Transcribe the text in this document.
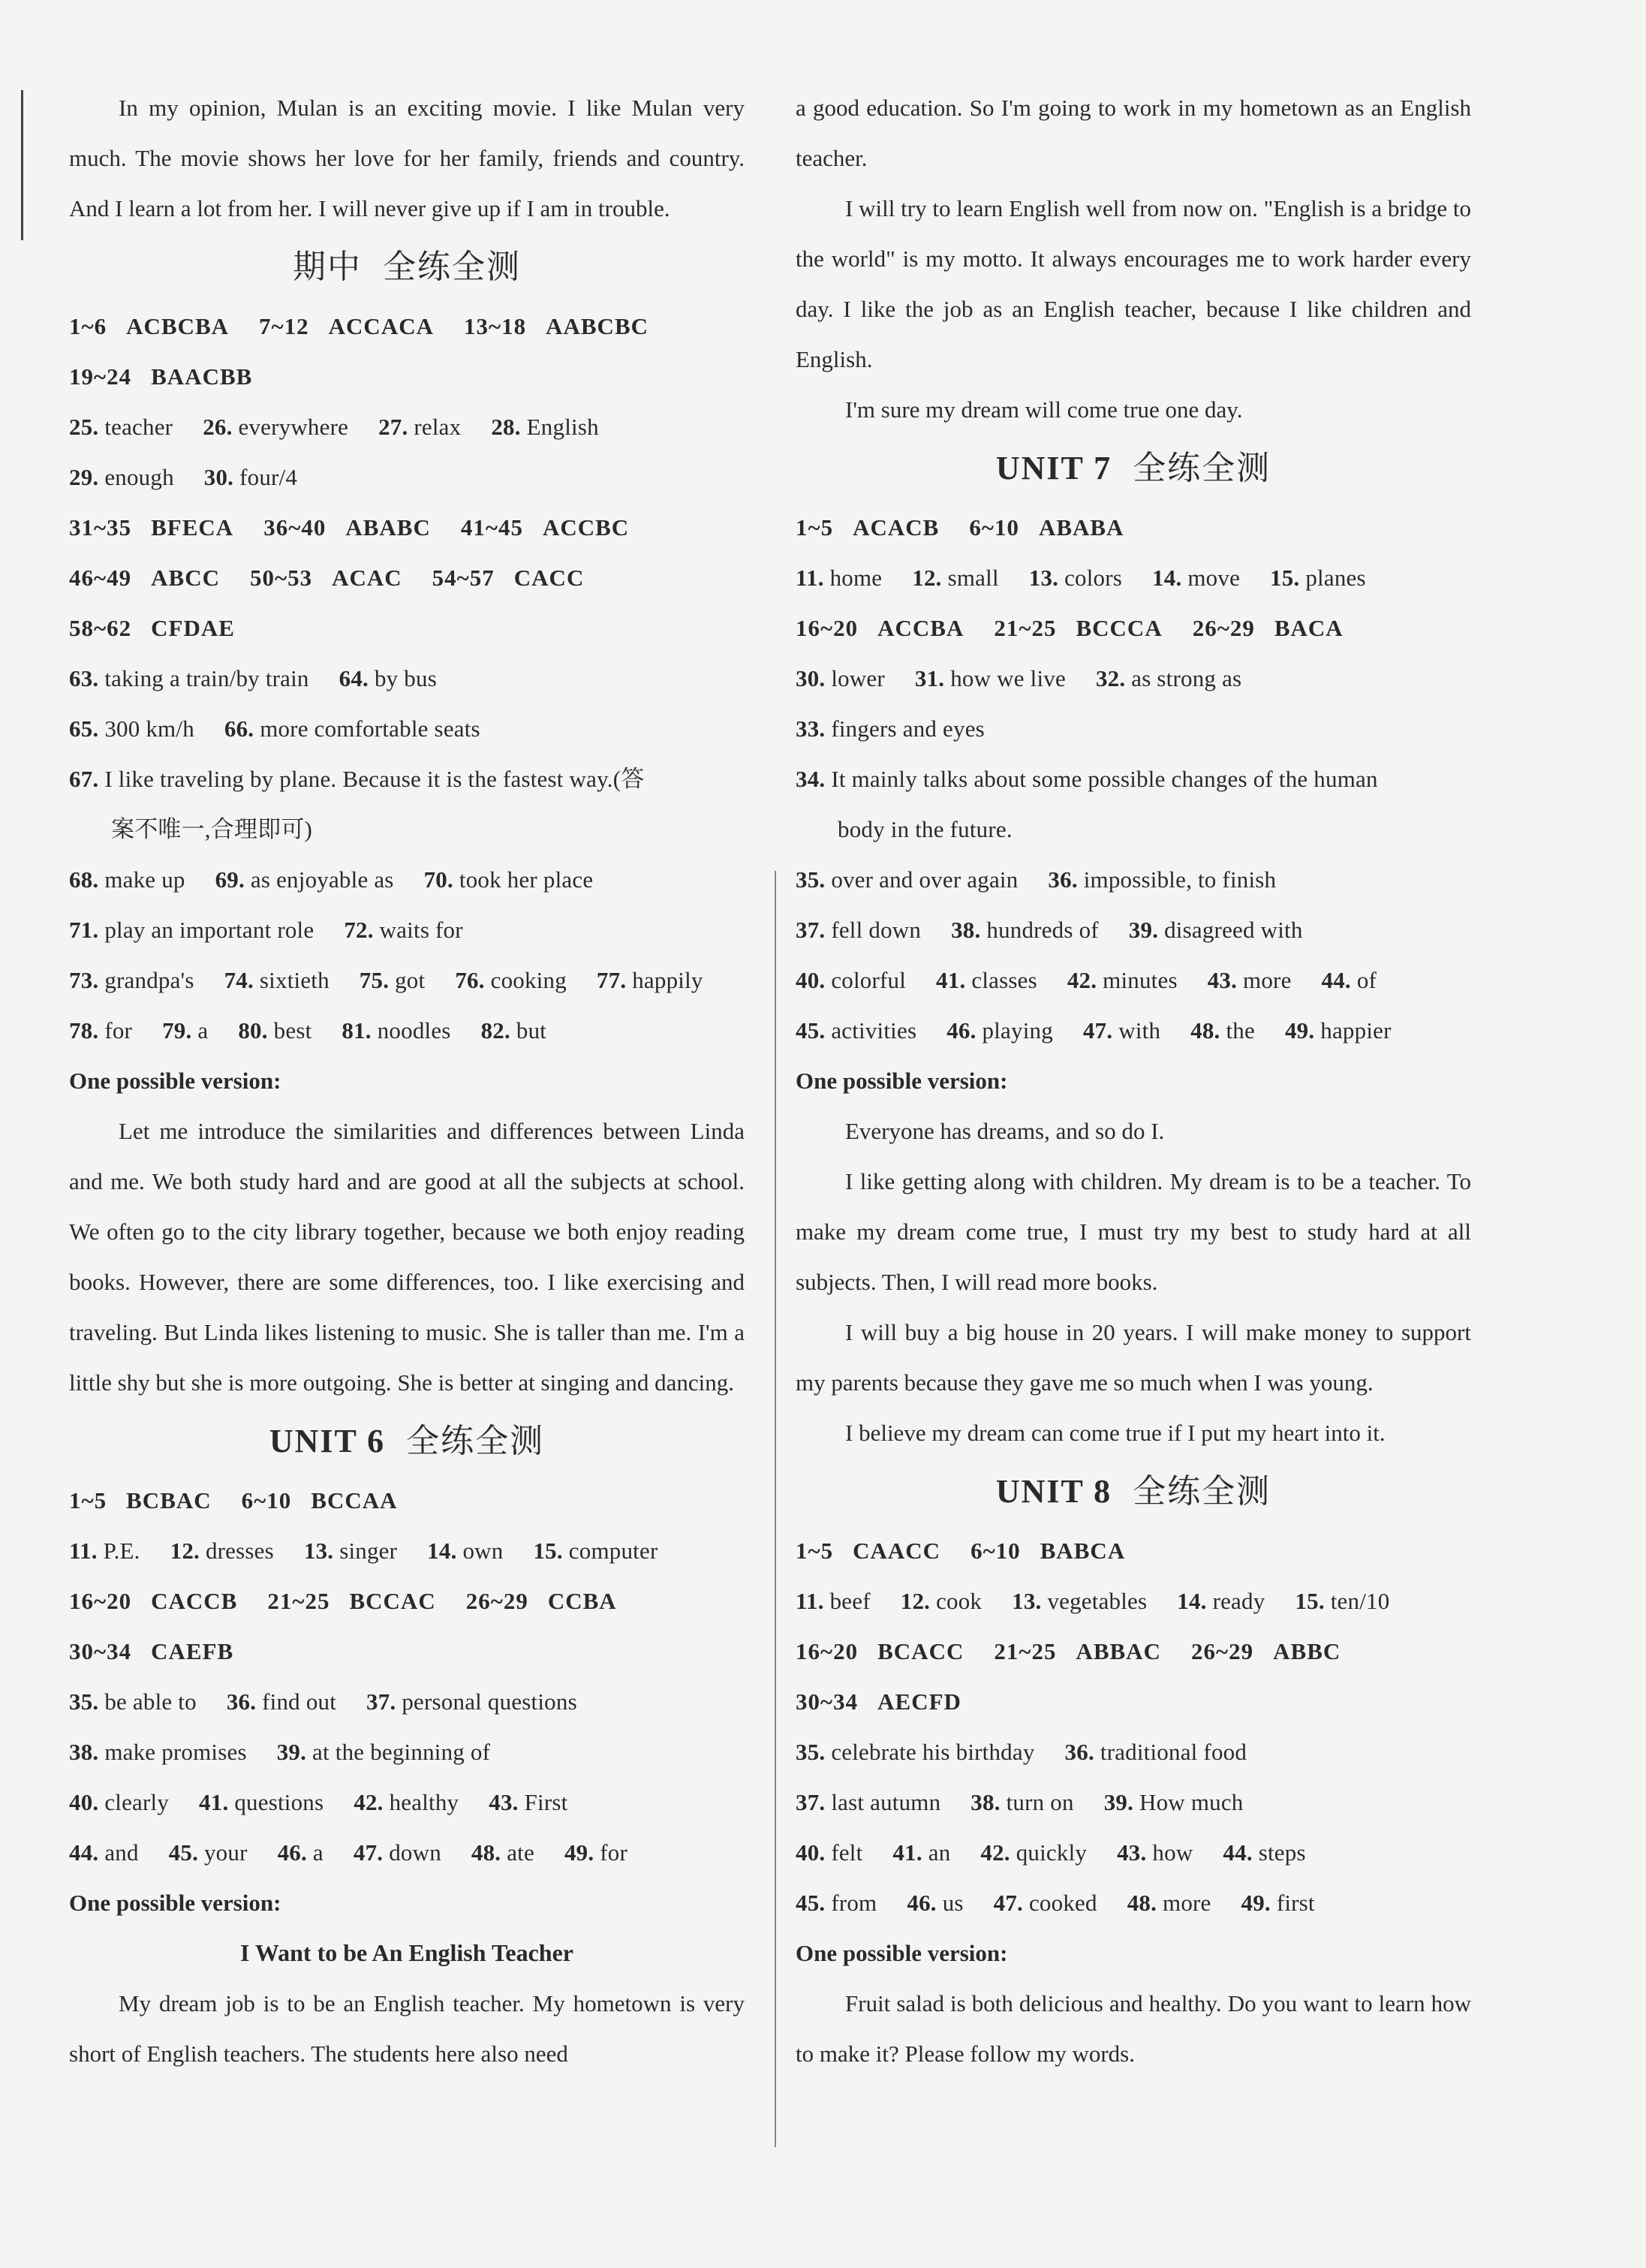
In my opinion, Mulan is an exciting movie. I like Mulan very much. The movie shows her love for her family, friends and country. And I learn a lot from her. I will never give up if I am in trouble.

期中 全练全测
1~6 ACBCBA 7~12 ACCACA 13~18 AABCBC
19~24 BAACBB
25. teacher 26. everywhere 27. relax 28. English
29. enough 30. four/4
31~35 BFECA 36~40 ABABC 41~45 ACCBC
46~49 ABCC 50~53 ACAC 54~57 CACC
58~62 CFDAE
63. taking a train/by train 64. by bus
65. 300 km/h 66. more comfortable seats
67. I like traveling by plane. Because it is the fastest way.(答
案不唯一,合理即可)
68. make up 69. as enjoyable as 70. took her place
71. play an important role 72. waits for
73. grandpa's 74. sixtieth 75. got 76. cooking 77. happily
78. for 79. a 80. best 81. noodles 82. but
One possible version:

Let me introduce the similarities and differences between Linda and me. We both study hard and are good at all the subjects at school. We often go to the city library together, because we both enjoy reading books. However, there are some differences, too. I like exercising and traveling. But Linda likes listening to music. She is taller than me. I'm a little shy but she is more outgoing. She is better at singing and dancing.

UNIT 6 全练全测
1~5 BCBAC 6~10 BCCAA
11. P.E. 12. dresses 13. singer 14. own 15. computer
16~20 CACCB 21~25 BCCAC 26~29 CCBA
30~34 CAEFB
35. be able to 36. find out 37. personal questions
38. make promises 39. at the beginning of
40. clearly 41. questions 42. healthy 43. First
44. and 45. your 46. a 47. down 48. ate 49. for
One possible version:
I Want to be An English Teacher

My dream job is to be an English teacher. My hometown is very short of English teachers. The students here also need

a good education. So I'm going to work in my hometown as an English teacher.

I will try to learn English well from now on. "English is a bridge to the world" is my motto. It always encourages me to work harder every day. I like the job as an English teacher, because I like children and English.

I'm sure my dream will come true one day.

UNIT 7 全练全测
1~5 ACACB 6~10 ABABA
11. home 12. small 13. colors 14. move 15. planes
16~20 ACCBA 21~25 BCCCA 26~29 BACA
30. lower 31. how we live 32. as strong as
33. fingers and eyes
34. It mainly talks about some possible changes of the human
body in the future.
35. over and over again 36. impossible, to finish
37. fell down 38. hundreds of 39. disagreed with
40. colorful 41. classes 42. minutes 43. more 44. of
45. activities 46. playing 47. with 48. the 49. happier
One possible version:

Everyone has dreams, and so do I.

I like getting along with children. My dream is to be a teacher. To make my dream come true, I must try my best to study hard at all subjects. Then, I will read more books.

I will buy a big house in 20 years. I will make money to support my parents because they gave me so much when I was young.

I believe my dream can come true if I put my heart into it.

UNIT 8 全练全测
1~5 CAACC 6~10 BABCA
11. beef 12. cook 13. vegetables 14. ready 15. ten/10
16~20 BCACC 21~25 ABBAC 26~29 ABBC
30~34 AECFD
35. celebrate his birthday 36. traditional food
37. last autumn 38. turn on 39. How much
40. felt 41. an 42. quickly 43. how 44. steps
45. from 46. us 47. cooked 48. more 49. first
One possible version:

Fruit salad is both delicious and healthy. Do you want to learn how to make it? Please follow my words.
